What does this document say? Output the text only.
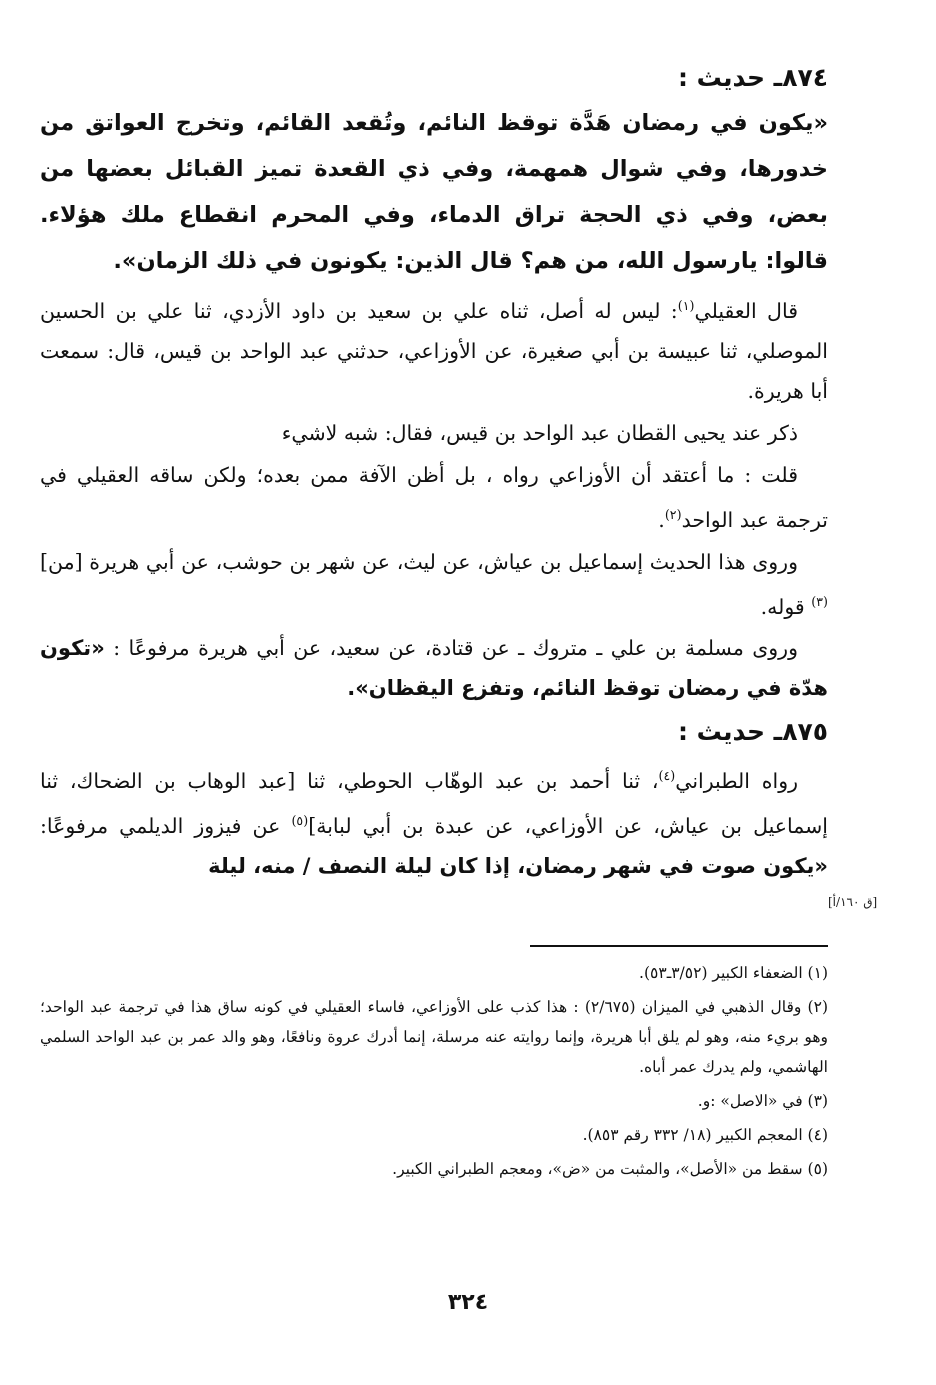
٨٧٤ـ حديث :

«يكون في رمضان هَدَّة توقظ النائم، وتُقعد القائم، وتخرج العواتق من خدورها، وفي شوال همهمة، وفي ذي القعدة تميز القبائل بعضها من بعض، وفي ذي الحجة تراق الدماء، وفي المحرم انقطاع ملك هؤلاء. قالوا: يارسول الله، من هم؟ قال الذين: يكونون في ذلك الزمان».

قال العقيلي$^{(١)}$: ليس له أصل، ثناه علي بن سعيد بن داود الأزدي، ثنا علي بن الحسين الموصلي، ثنا عبيسة بن أبي صغيرة، عن الأوزاعي، حدثني عبد الواحد بن قيس، قال: سمعت أبا هريرة.

ذكر عند يحيى القطان عبد الواحد بن قيس، فقال: شبه لاشيء

قلت : ما أعتقد أن الأوزاعي رواه ، بل أظن الآفة ممن بعده؛ ولكن ساقه العقيلي في ترجمة عبد الواحد$^{(٢)}$.

وروى هذا الحديث إسماعيل بن عياش، عن ليث، عن شهر بن حوشب، عن أبي هريرة [من]$^{(٣)}$ قوله.

وروى مسلمة بن علي ـ متروك ـ عن قتادة، عن سعيد، عن أبي هريرة مرفوعًا : «تكون هدّة في رمضان توقظ النائم، وتفزع اليقظان».

٨٧٥ـ حديث :

رواه الطبراني$^{(٤)}$، ثنا أحمد بن عبد الوهّاب الحوطي، ثنا [عبد الوهاب بن الضحاك، ثنا إسماعيل بن عياش، عن الأوزاعي، عن عبدة بن أبي لبابة]$^{(٥)}$ عن فيزوز الديلمي مرفوعًا: «يكون صوت في شهر رمضان، إذا كان ليلة النصف / منه، ليلة

[ق ١٦٠/أ]

(١) الضعفاء الكبير (٣/٥٢ـ٥٣).

(٢) وقال الذهبي في الميزان (٢/٦٧٥) : هذا كذب على الأوزاعي، فاساء العقيلي في كونه ساق هذا في ترجمة عبد الواحد؛ وهو بريء منه، وهو لم يلق أبا هريرة، وإنما روايته عنه مرسلة، إنما أدرك عروة ونافعًا، وهو والد عمر بن عبد الواحد السلمي الهاشمي، ولم يدرك عمر أباه.

(٣) في «الاصل» :و.

(٤) المعجم الكبير (١٨/ ٣٣٢ رقم ٨٥٣).

(٥) سقط من «الأصل»، والمثبت من «ض»، ومعجم الطبراني الكبير.

٣٢٤
